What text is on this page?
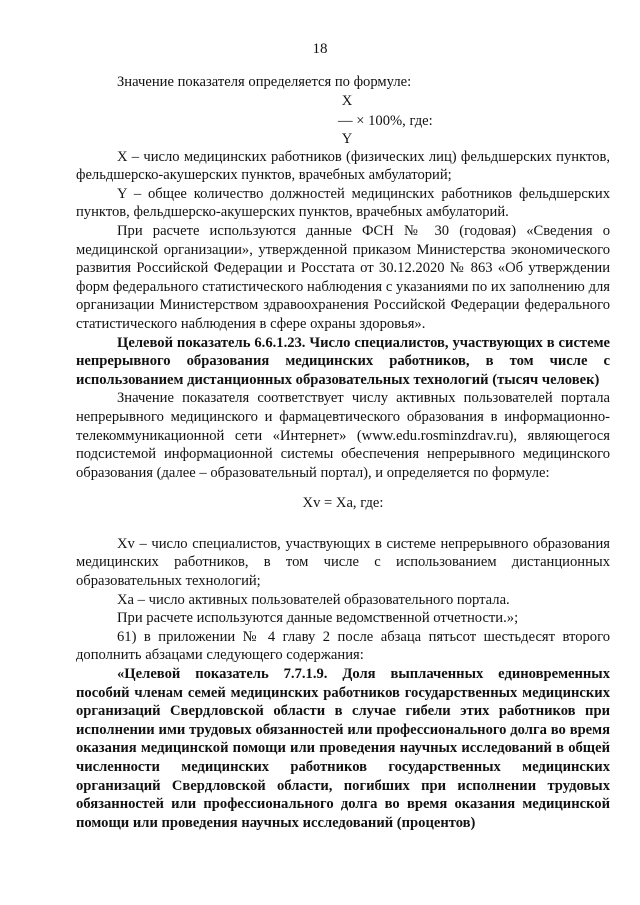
18

Значение показателя определяется по формуле:

X
— × 100%, где:
Y

X – число медицинских работников (физических лиц) фельдшерских пунктов, фельдшерско-акушерских пунктов, врачебных амбулаторий;

Y – общее количество должностей медицинских работников фельдшерских пунктов, фельдшерско-акушерских пунктов, врачебных амбулаторий.

При расчете используются данные ФСН № 30 (годовая) «Сведения о медицинской организации», утвержденной приказом Министерства экономического развития Российской Федерации и Росстата от 30.12.2020 № 863 «Об утверждении форм федерального статистического наблюдения с указаниями по их заполнению для организации Министерством здравоохранения Российской Федерации федерального статистического наблюдения в сфере охраны здоровья».

Целевой показатель 6.6.1.23. Число специалистов, участвующих в системе непрерывного образования медицинских работников, в том числе с использованием дистанционных образовательных технологий (тысяч человек)

Значение показателя соответствует числу активных пользователей портала непрерывного медицинского и фармацевтического образования в информационно-телекоммуникационной сети «Интернет» (www.edu.rosminzdrav.ru), являющегося подсистемой информационной системы обеспечения непрерывного медицинского образования (далее – образовательный портал), и определяется по формуле:

Xv = Xa, где:

Xv – число специалистов, участвующих в системе непрерывного образования медицинских работников, в том числе с использованием дистанционных образовательных технологий;

Xa – число активных пользователей образовательного портала.

При расчете используются данные ведомственной отчетности.»;

61) в приложении № 4 главу 2 после абзаца пятьсот шестьдесят второго дополнить абзацами следующего содержания:

«Целевой показатель 7.7.1.9. Доля выплаченных единовременных пособий членам семей медицинских работников государственных медицинских организаций Свердловской области в случае гибели этих работников при исполнении ими трудовых обязанностей или профессионального долга во время оказания медицинской помощи или проведения научных исследований в общей численности медицинских работников государственных медицинских организаций Свердловской области, погибших при исполнении трудовых обязанностей или профессионального долга во время оказания медицинской помощи или проведения научных исследований (процентов)
